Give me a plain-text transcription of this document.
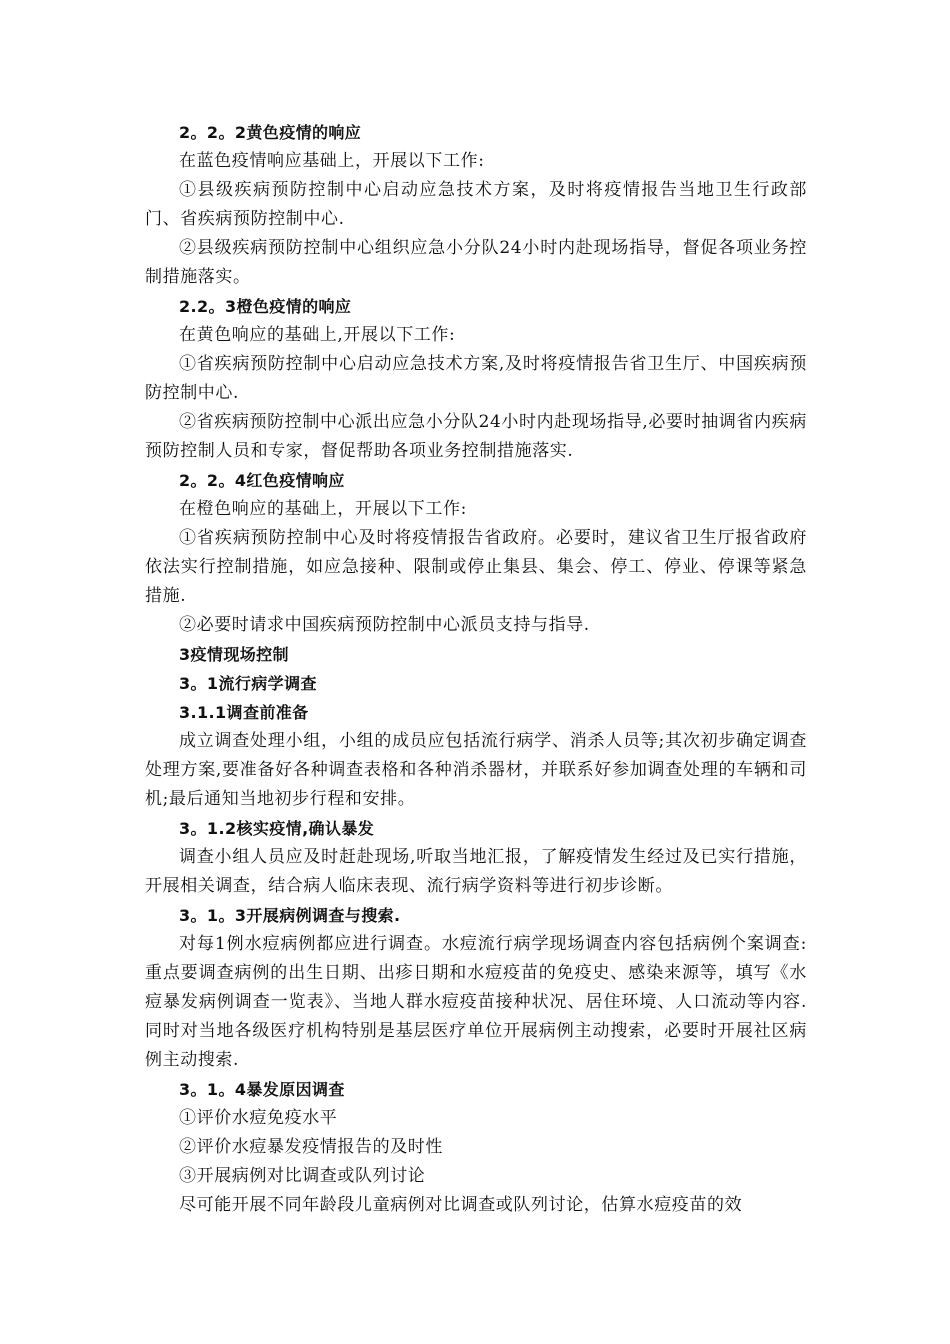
2。2。2黄色疫情的响应

在蓝色疫情响应基础上，开展以下工作:

①县级疾病预防控制中心启动应急技术方案，及时将疫情报告当地卫生行政部门、省疾病预防控制中心.

②县级疾病预防控制中心组织应急小分队24小时内赴现场指导，督促各项业务控制措施落实。

2.2。3橙色疫情的响应

在黄色响应的基础上,开展以下工作:

①省疾病预防控制中心启动应急技术方案,及时将疫情报告省卫生厅、中国疾病预防控制中心.

②省疾病预防控制中心派出应急小分队24小时内赴现场指导,必要时抽调省内疾病预防控制人员和专家，督促帮助各项业务控制措施落实.

2。2。4红色疫情响应

在橙色响应的基础上，开展以下工作:

①省疾病预防控制中心及时将疫情报告省政府。必要时，建议省卫生厅报省政府依法实行控制措施，如应急接种、限制或停止集县、集会、停工、停业、停课等紧急措施.

②必要时请求中国疾病预防控制中心派员支持与指导.

3疫情现场控制

3。1流行病学调查

3.1.1调查前准备

成立调查处理小组，小组的成员应包括流行病学、消杀人员等;其次初步确定调查处理方案,要准备好各种调查表格和各种消杀器材，并联系好参加调查处理的车辆和司机;最后通知当地初步行程和安排。

3。1.2核实疫情,确认暴发

调查小组人员应及时赶赴现场,听取当地汇报，了解疫情发生经过及已实行措施，开展相关调查，结合病人临床表现、流行病学资料等进行初步诊断。

3。1。3开展病例调查与搜索.

对每1例水痘病例都应进行调查。水痘流行病学现场调查内容包括病例个案调查: 重点要调查病例的出生日期、出疹日期和水痘疫苗的免疫史、感染来源等，填写《水痘暴发病例调查一览表》、当地人群水痘疫苗接种状况、居住环境、人口流动等内容.同时对当地各级医疗机构特别是基层医疗单位开展病例主动搜索，必要时开展社区病例主动搜索.

3。1。4暴发原因调查

①评价水痘免疫水平

②评价水痘暴发疫情报告的及时性

③开展病例对比调查或队列讨论

尽可能开展不同年龄段儿童病例对比调查或队列讨论，估算水痘疫苗的效
